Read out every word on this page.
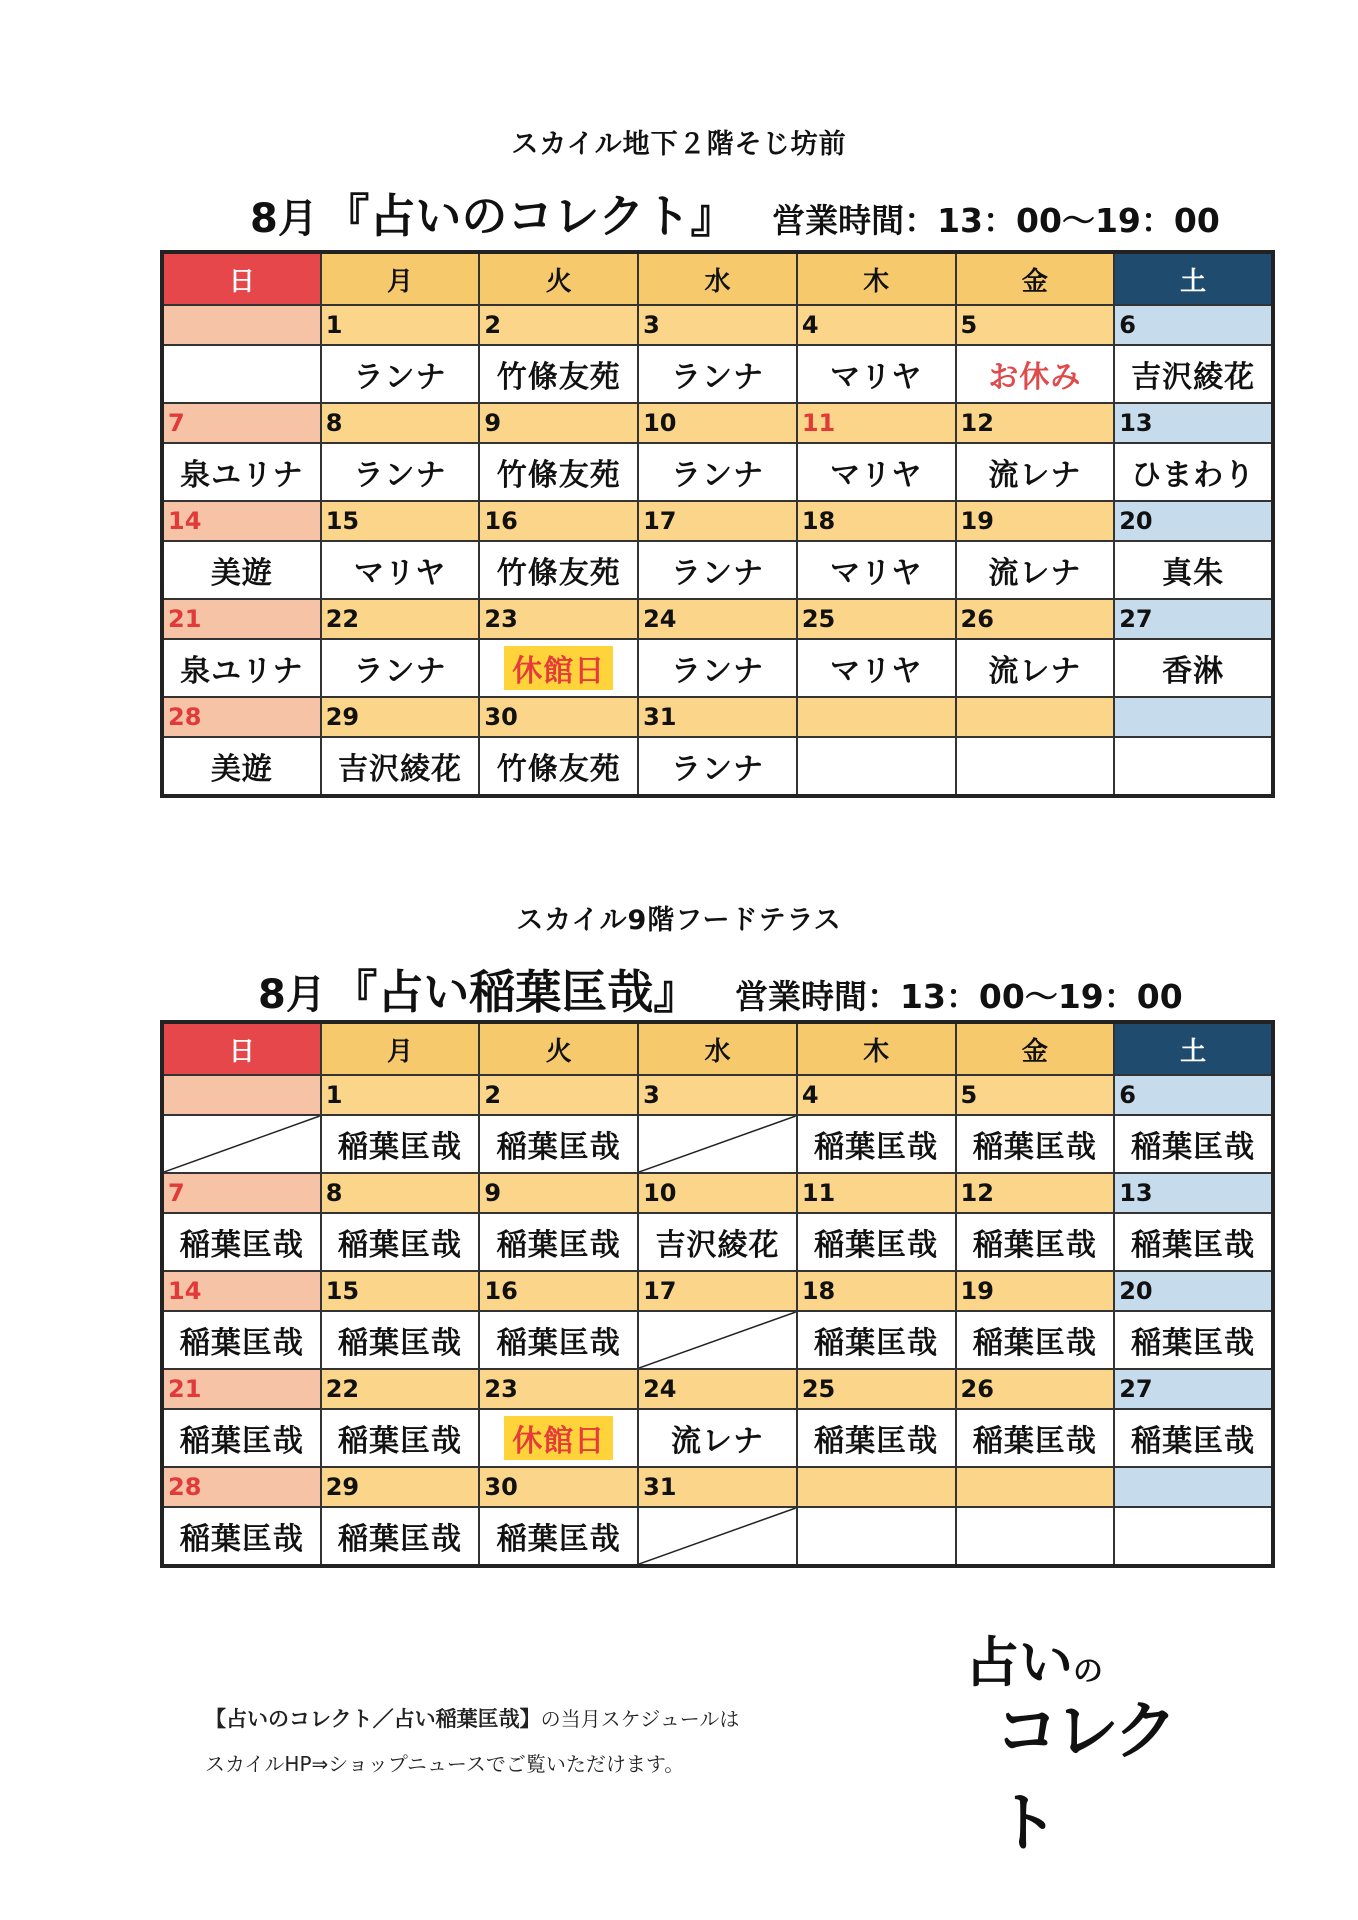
スカイル地下２階そじ坊前
8月 『占いのコレクト』 営業時間：13：00〜19：00
日	月	火	水	木	金	土
	1	2	3	4	5	6
	ランナ	竹條友苑	ランナ	マリヤ	お休み	吉沢綾花
7	8	9	10	11	12	13
泉ユリナ	ランナ	竹條友苑	ランナ	マリヤ	流レナ	ひまわり
14	15	16	17	18	19	20
美遊	マリヤ	竹條友苑	ランナ	マリヤ	流レナ	真朱
21	22	23	24	25	26	27
泉ユリナ	ランナ	休館日	ランナ	マリヤ	流レナ	香淋
28	29	30	31			
美遊	吉沢綾花	竹條友苑	ランナ			
スカイル9階フードテラス
8月 『占い稲葉匡哉』 営業時間：13：00〜19：00
日	月	火	水	木	金	土
	1	2	3	4	5	6

	稲葉匡哉	稲葉匡哉		稲葉匡哉	稲葉匡哉	稲葉匡哉
7	8	9	10	11	12	13
稲葉匡哉	稲葉匡哉	稲葉匡哉	吉沢綾花	稲葉匡哉	稲葉匡哉	稲葉匡哉
14	15	16	17	18	19	20
稲葉匡哉	稲葉匡哉	稲葉匡哉		稲葉匡哉	稲葉匡哉	稲葉匡哉
21	22	23	24	25	26	27
稲葉匡哉	稲葉匡哉	休館日	流レナ	稲葉匡哉	稲葉匡哉	稲葉匡哉
28	29	30	31			
稲葉匡哉	稲葉匡哉	稲葉匡哉	

【占いのコレクト／占い稲葉匡哉】の当月スケジュールは
スカイルHP⇒ショップニュースでご覧いただけます。
占いの
コレクト
